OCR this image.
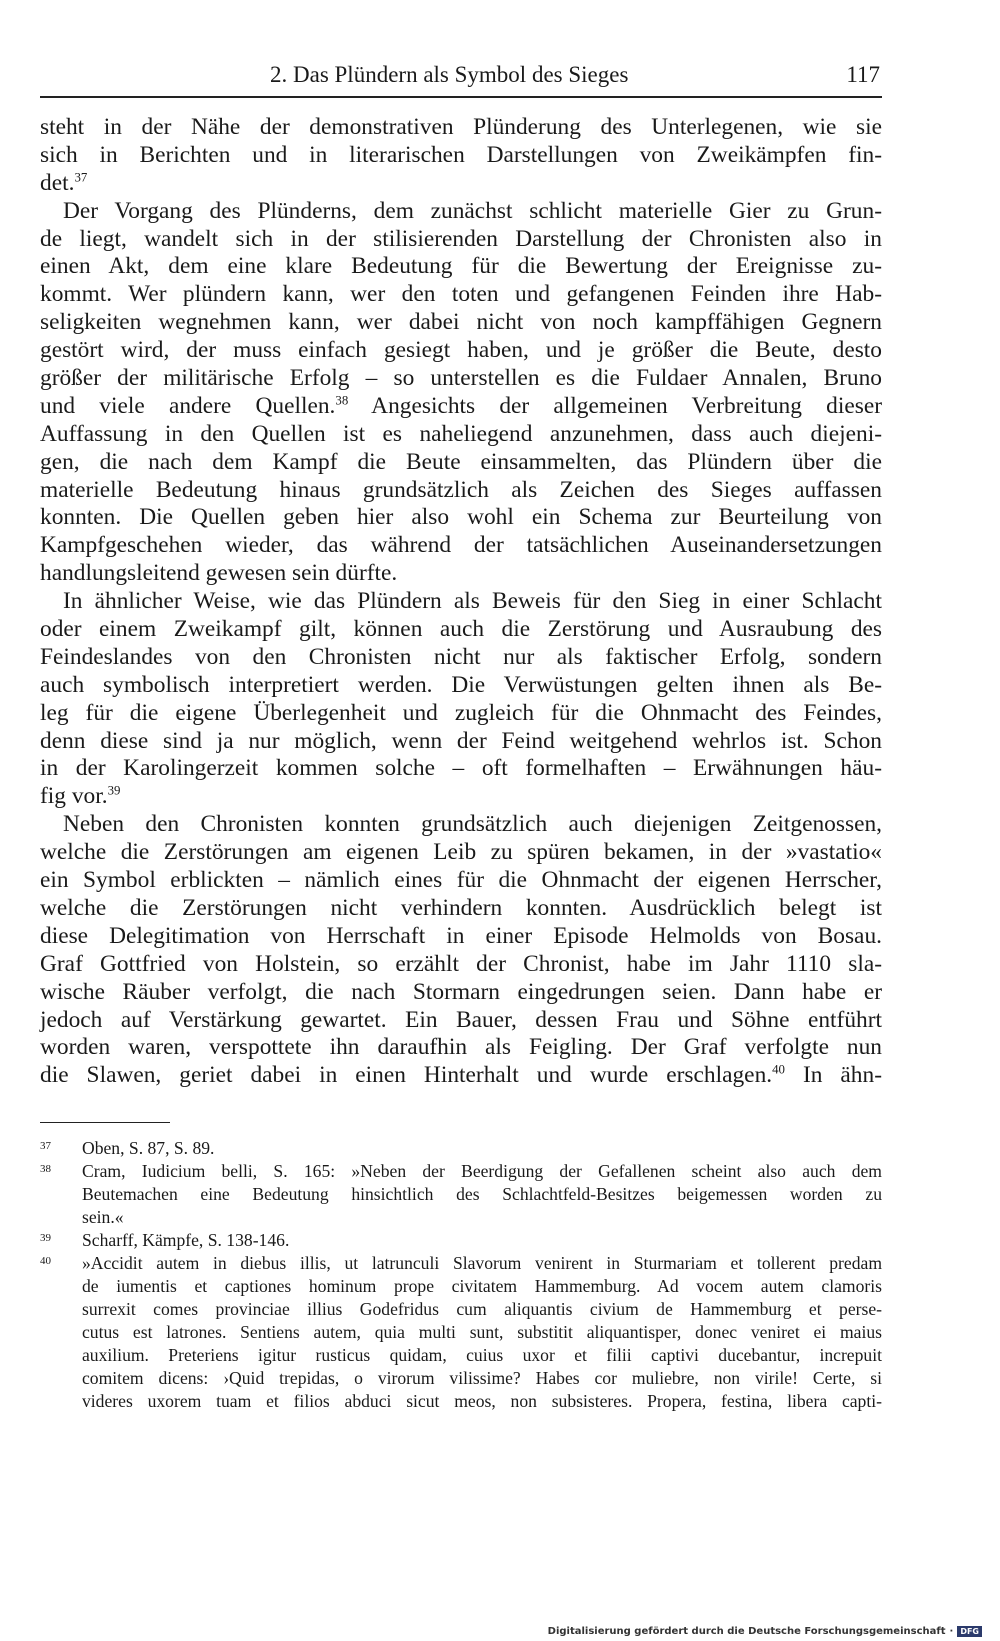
2. Das Plündern als Symbol des Sieges	117
steht in der Nähe der demonstrativen Plünderung des Unterlegenen, wie sie
sich in Berichten und in literarischen Darstellungen von Zweikämpfen fin-
det.$^{37}$
Der Vorgang des Plünderns, dem zunächst schlicht materielle Gier zu Grun-
de liegt, wandelt sich in der stilisierenden Darstellung der Chronisten also in
einen Akt, dem eine klare Bedeutung für die Bewertung der Ereignisse zu-
kommt. Wer plündern kann, wer den toten und gefangenen Feinden ihre Hab-
seligkeiten wegnehmen kann, wer dabei nicht von noch kampffähigen Gegnern
gestört wird, der muss einfach gesiegt haben, und je größer die Beute, desto
größer der militärische Erfolg – so unterstellen es die Fuldaer Annalen, Bruno
und viele andere Quellen.$^{38}$ Angesichts der allgemeinen Verbreitung dieser
Auffassung in den Quellen ist es naheliegend anzunehmen, dass auch diejeni-
gen, die nach dem Kampf die Beute einsammelten, das Plündern über die
materielle Bedeutung hinaus grundsätzlich als Zeichen des Sieges auffassen
konnten. Die Quellen geben hier also wohl ein Schema zur Beurteilung von
Kampfgeschehen wieder, das während der tatsächlichen Auseinandersetzungen
handlungsleitend gewesen sein dürfte.
In ähnlicher Weise, wie das Plündern als Beweis für den Sieg in einer Schlacht
oder einem Zweikampf gilt, können auch die Zerstörung und Ausraubung des
Feindeslandes von den Chronisten nicht nur als faktischer Erfolg, sondern
auch symbolisch interpretiert werden. Die Verwüstungen gelten ihnen als Be-
leg für die eigene Überlegenheit und zugleich für die Ohnmacht des Feindes,
denn diese sind ja nur möglich, wenn der Feind weitgehend wehrlos ist. Schon
in der Karolingerzeit kommen solche – oft formelhaften – Erwähnungen häu-
fig vor.$^{39}$
Neben den Chronisten konnten grundsätzlich auch diejenigen Zeitgenossen,
welche die Zerstörungen am eigenen Leib zu spüren bekamen, in der »vastatio«
ein Symbol erblickten – nämlich eines für die Ohnmacht der eigenen Herrscher,
welche die Zerstörungen nicht verhindern konnten. Ausdrücklich belegt ist
diese Delegitimation von Herrschaft in einer Episode Helmolds von Bosau.
Graf Gottfried von Holstein, so erzählt der Chronist, habe im Jahr 1110 sla-
wische Räuber verfolgt, die nach Stormarn eingedrungen seien. Dann habe er
jedoch auf Verstärkung gewartet. Ein Bauer, dessen Frau und Söhne entführt
worden waren, verspottete ihn daraufhin als Feigling. Der Graf verfolgte nun
die Slawen, geriet dabei in einen Hinterhalt und wurde erschlagen.$^{40}$ In ähn-
37	Oben, S. 87, S. 89.
38	Cram, Iudicium belli, S. 165: »Neben der Beerdigung der Gefallenen scheint also auch dem
Beutemachen eine Bedeutung hinsichtlich des Schlachtfeld-Besitzes beigemessen worden zu
sein.«
39	Scharff, Kämpfe, S. 138-146.
40	»Accidit autem in diebus illis, ut latrunculi Slavorum venirent in Sturmariam et tollerent predam
de iumentis et captiones hominum prope civitatem Hammemburg. Ad vocem autem clamoris
surrexit comes provinciae illius Godefridus cum aliquantis civium de Hammemburg et perse-
cutus est latrones. Sentiens autem, quia multi sunt, substitit aliquantisper, donec veniret ei maius
auxilium. Preteriens igitur rusticus quidam, cuius uxor et filii captivi ducebantur, increpuit
comitem dicens: ›Quid trepidas, o virorum vilissime? Habes cor muliebre, non virile! Certe, si
videres uxorem tuam et filios abduci sicut meos, non subsisteres. Propera, festina, libera capti-
Digitalisierung gefördert durch die Deutsche Forschungsgemeinschaft · DFG
